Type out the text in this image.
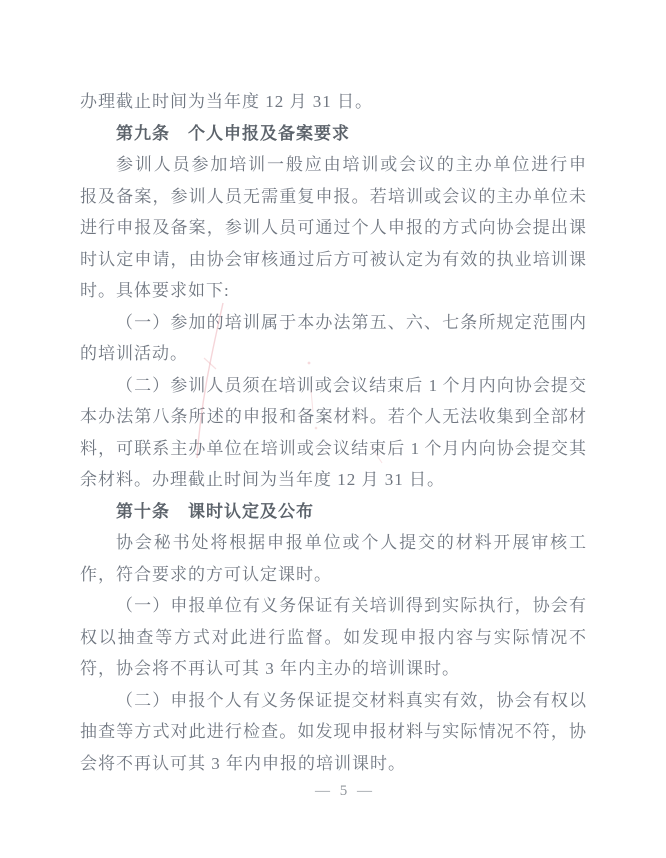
办理截止时间为当年度 12 月 31 日。
第九条　个人申报及备案要求
参训人员参加培训一般应由培训或会议的主办单位进行申
报及备案，参训人员无需重复申报。若培训或会议的主办单位未
进行申报及备案，参训人员可通过个人申报的方式向协会提出课
时认定申请，由协会审核通过后方可被认定为有效的执业培训课
时。具体要求如下:
（一）参加的培训属于本办法第五、六、七条所规定范围内
的培训活动。
（二）参训人员须在培训或会议结束后 1 个月内向协会提交
本办法第八条所述的申报和备案材料。若个人无法收集到全部材
料，可联系主办单位在培训或会议结束后 1 个月内向协会提交其
余材料。办理截止时间为当年度 12 月 31 日。
第十条　课时认定及公布
协会秘书处将根据申报单位或个人提交的材料开展审核工
作，符合要求的方可认定课时。
（一）申报单位有义务保证有关培训得到实际执行，协会有
权以抽查等方式对此进行监督。如发现申报内容与实际情况不
符，协会将不再认可其 3 年内主办的培训课时。
（二）申报个人有义务保证提交材料真实有效，协会有权以
抽查等方式对此进行检查。如发现申报材料与实际情况不符，协
会将不再认可其 3 年内申报的培训课时。
— 5 —
